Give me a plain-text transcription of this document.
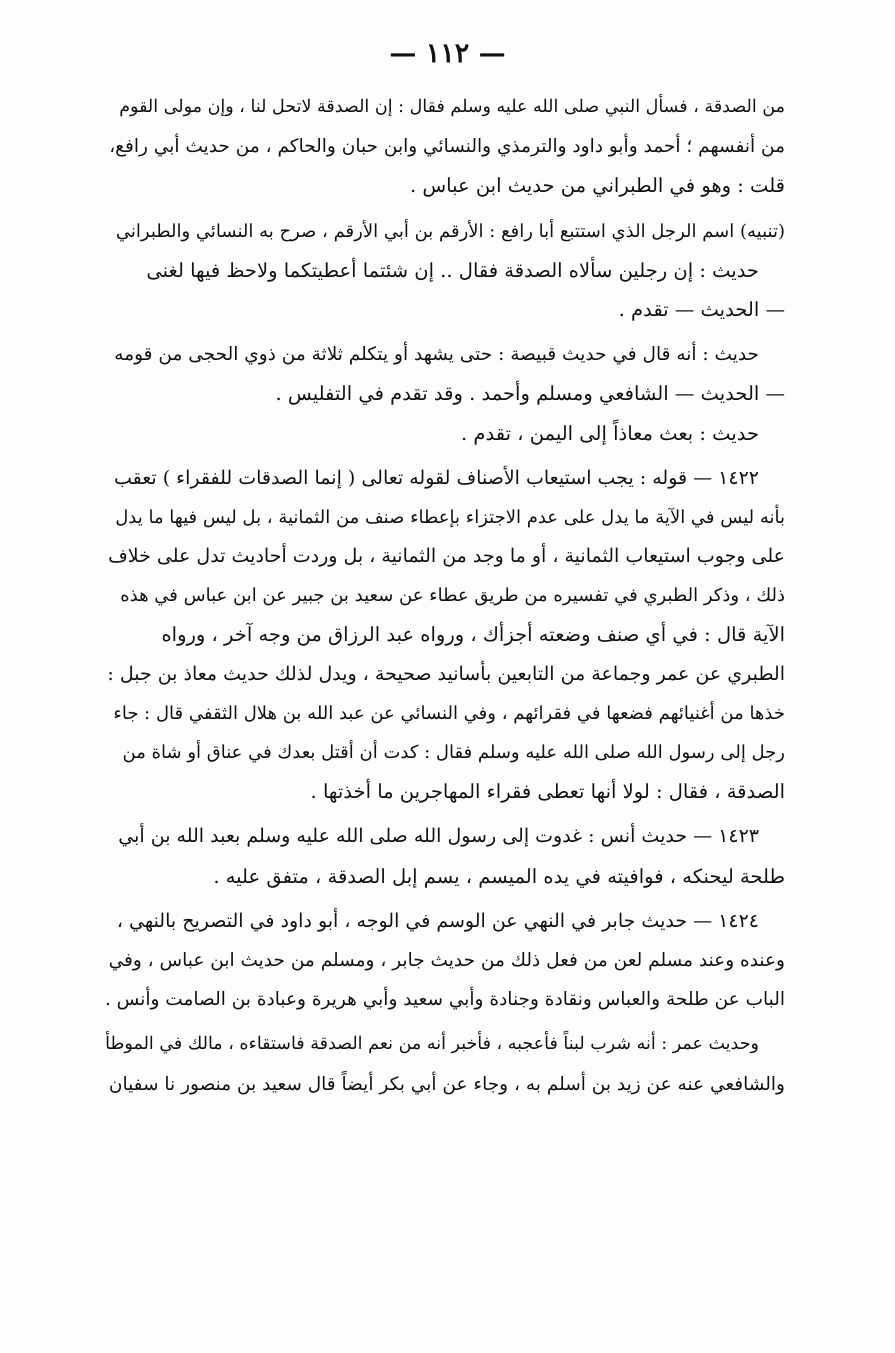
— ١١٢ —
من الصدقة ، فسأل النبي صلى الله عليه وسلم فقال : إن الصدقة لاتحل لنا ، وإن مولى القوم
من أنفسهم ؛ أحمد وأبو داود والترمذي والنسائي وابن حبان والحاكم ، من حديث أبي رافع،
قلت : وهو في الطبراني من حديث ابن عباس .
(تنبيه) اسم الرجل الذي استتبع أبا رافع : الأرقم بن أبي الأرقم ، صرح به النسائي والطبراني
حديث : إن رجلين سألاه الصدقة فقال .. إن شئتما أعطيتكما ولاحظ فيها لغنى
— الحديث — تقدم .
حديث : أنه قال في حديث قبيصة : حتى يشهد أو يتكلم ثلاثة من ذوي الحجى من قومه
— الحديث — الشافعي ومسلم وأحمد . وقد تقدم في التفليس .
حديث : بعث معاذاً إلى اليمن ، تقدم .
١٤٢٢ — قوله : يجب استيعاب الأصناف لقوله تعالى ( إنما الصدقات للفقراء ) تعقب
بأنه ليس في الآية ما يدل على عدم الاجتزاء بإعطاء صنف من الثمانية ، بل ليس فيها ما يدل
على وجوب استيعاب الثمانية ، أو ما وجد من الثمانية ، بل وردت أحاديث تدل على خلاف
ذلك ، وذكر الطبري في تفسيره من طريق عطاء عن سعيد بن جبير عن ابن عباس في هذه
الآية قال : في أي صنف وضعته أجزأك ، ورواه عبد الرزاق من وجه آخر ، ورواه
الطبري عن عمر وجماعة من التابعين بأسانيد صحيحة ، ويدل لذلك حديث معاذ بن جبل :
خذها من أغنيائهم فضعها في فقرائهم ، وفي النسائي عن عبد الله بن هلال الثقفي قال : جاء
رجل إلى رسول الله صلى الله عليه وسلم فقال : كدت أن أقتل بعدك في عناق أو شاة من
الصدقة ، فقال : لولا أنها تعطى فقراء المهاجرين ما أخذتها .
١٤٢٣ — حديث أنس : غدوت إلى رسول الله صلى الله عليه وسلم بعبد الله بن أبي
طلحة ليحنكه ، فوافيته في يده الميسم ، يسم إبل الصدقة ، متفق عليه .
١٤٢٤ — حديث جابر في النهي عن الوسم في الوجه ، أبو داود في التصريح بالنهي ،
وعنده وعند مسلم لعن من فعل ذلك من حديث جابر ، ومسلم من حديث ابن عباس ، وفي
الباب عن طلحة والعباس ونقادة وجنادة وأبي سعيد وأبي هريرة وعبادة بن الصامت وأنس .
وحديث عمر : أنه شرب لبناً فأعجبه ، فأخبر أنه من نعم الصدقة فاستقاءه ، مالك في الموطأ
والشافعي عنه عن زيد بن أسلم به ، وجاء عن أبي بكر أيضاً قال سعيد بن منصور نا سفيان
